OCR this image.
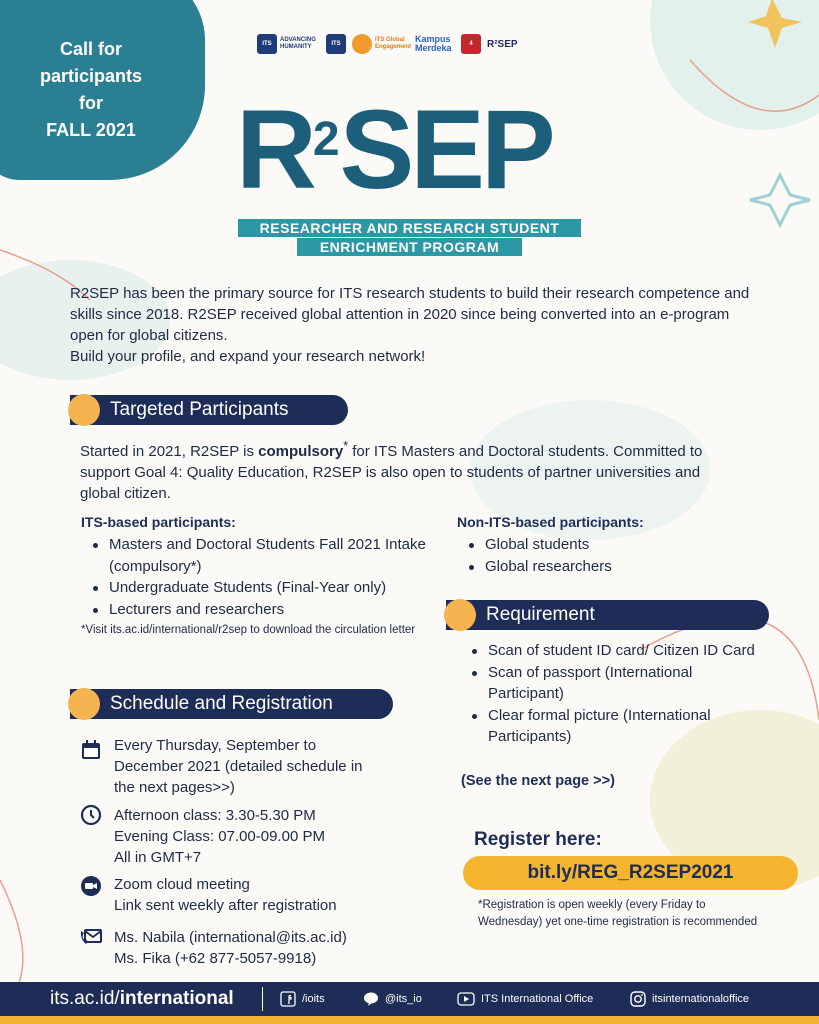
Call for
participants
for
FALL 2021
ITS
ADVANCING HUMANITY	ITS
ITS Global Engagement
Kampus Merdeka	4	R²SEP
$R^2SEP$
RESEARCHER AND RESEARCH STUDENT
ENRICHMENT PROGRAM

R2SEP has been the primary source for ITS research students to build their research competence and skills since 2018. R2SEP received global attention in 2020 since being converted into an e-program open for global citizens.

Build your profile, and expand your research network!

Targeted Participants
Started in 2021, R2SEP is compulsory* for ITS Masters and Doctoral students. Committed to support Goal 4: Quality Education, R2SEP is also open to students of partner universities and global citizen.
ITS-based participants:
Masters and Doctoral Students Fall 2021 Intake (compulsory*)
Undergraduate Students (Final-Year only)
Lecturers and researchers
*Visit its.ac.id/international/r2sep to download the circulation letter
Non-ITS-based participants:
Global students
Global researchers
Requirement
Scan of student ID card/ Citizen ID Card
Scan of passport (International Participant)
Clear formal picture (International Participants)
(See the next page >>)
Schedule and Registration
Every Thursday, September to December 2021 (detailed schedule in the next pages>>)
Afternoon class: 3.30-5.30 PM
Evening Class: 07.00-09.00 PM
All in GMT+7
Zoom cloud meeting
Link sent weekly after registration
Ms. Nabila (international@its.ac.id)
Ms. Fika (+62 877-5057-9918)
Register here:
bit.ly/REG_R2SEP2021
*Registration is open weekly (every Friday to Wednesday) yet one-time registration is recommended
its.ac.id/ international	/ioits	@its_io	ITS International Office	itsinternationaloffice
